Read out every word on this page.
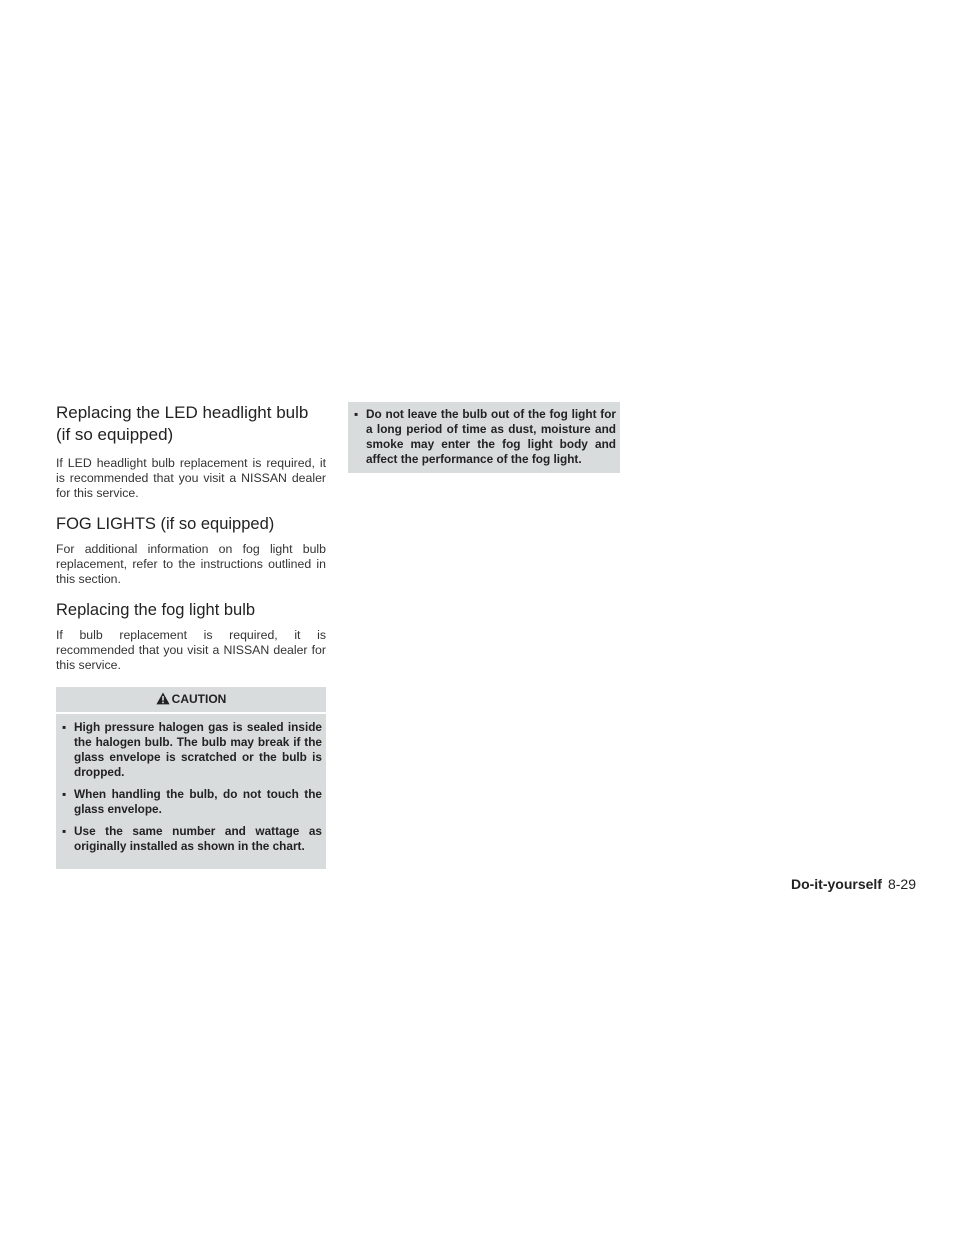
Replacing the LED headlight bulb (if so equipped)

If LED headlight bulb replacement is required, it is recommended that you visit a NISSAN dealer for this service.

FOG LIGHTS (if so equipped)

For additional information on fog light bulb replacement, refer to the instructions outlined in this section.

Replacing the fog light bulb

If bulb replacement is required, it is recommended that you visit a NISSAN dealer for this service.

CAUTION
▪ High pressure halogen gas is sealed inside the halogen bulb. The bulb may break if the glass envelope is scratched or the bulb is dropped.
▪ When handling the bulb, do not touch the glass envelope.
▪ Use the same number and wattage as originally installed as shown in the chart.
▪ Do not leave the bulb out of the fog light for a long period of time as dust, moisture and smoke may enter the fog light body and affect the performance of the fog light.
Do-it-yourself 8-29
